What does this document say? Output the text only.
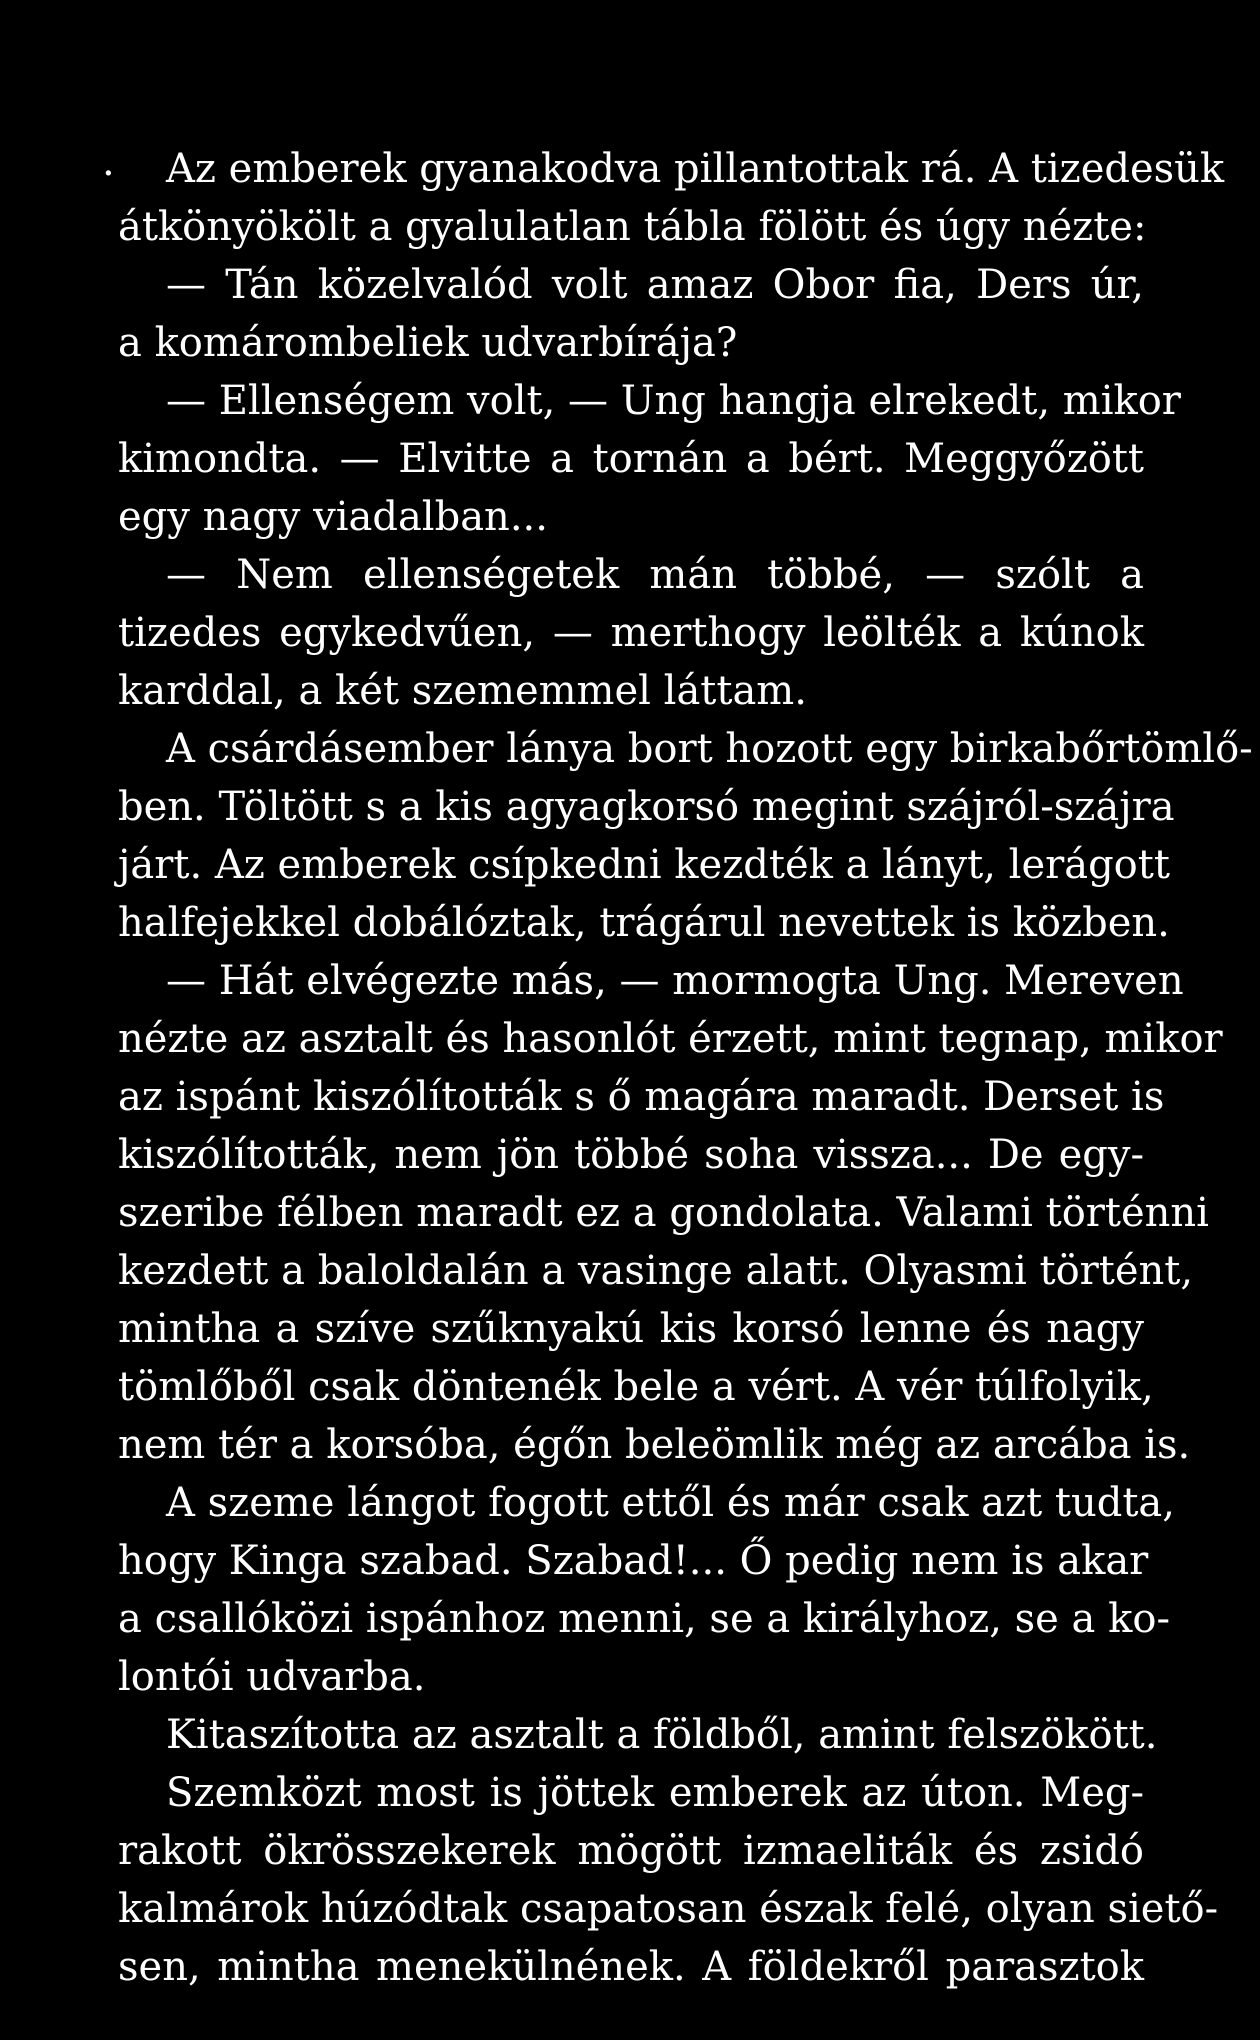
. Az emberek gyanakodva pillantottak rá. A tizedesük
átkönyökölt a gyalulatlan tábla fölött és úgy nézte:
— Tán közelvalód volt amaz Obor fia, Ders úr,
a komárombeliek udvarbírája?
— Ellenségem volt, — Ung hangja elrekedt, mikor
kimondta. — Elvitte a tornán a bért. Meggyőzött
egy nagy viadalban...
— Nem ellenségetek mán többé, — szólt a
tizedes egykedvűen, — merthogy leölték a kúnok
karddal, a két szememmel láttam.
A csárdásember lánya bort hozott egy birkabőrtömlő-
ben. Töltött s a kis agyagkorsó megint szájról-szájra
járt. Az emberek csípkedni kezdték a lányt, lerágott
halfejekkel dobálóztak, trágárul nevettek is közben.
— Hát elvégezte más, — mormogta Ung. Mereven
nézte az asztalt és hasonlót érzett, mint tegnap, mikor
az ispánt kiszólították s ő magára maradt. Derset is
kiszólították, nem jön többé soha vissza... De egy-
szeribe félben maradt ez a gondolata. Valami történni
kezdett a baloldalán a vasinge alatt. Olyasmi történt,
mintha a szíve szűknyakú kis korsó lenne és nagy
tömlőből csak döntenék bele a vért. A vér túlfolyik,
nem tér a korsóba, égőn beleömlik még az arcába is.
A szeme lángot fogott ettől és már csak azt tudta,
hogy Kinga szabad. Szabad!... Ő pedig nem is akar
a csallóközi ispánhoz menni, se a királyhoz, se a ko-
lontói udvarba.
Kitaszította az asztalt a földből, amint felszökött.
Szemközt most is jöttek emberek az úton. Meg-
rakott ökrösszekerek mögött izmaeliták és zsidó
kalmárok húzódtak csapatosan észak felé, olyan siető-
sen, mintha menekülnének. A földekről parasztok
